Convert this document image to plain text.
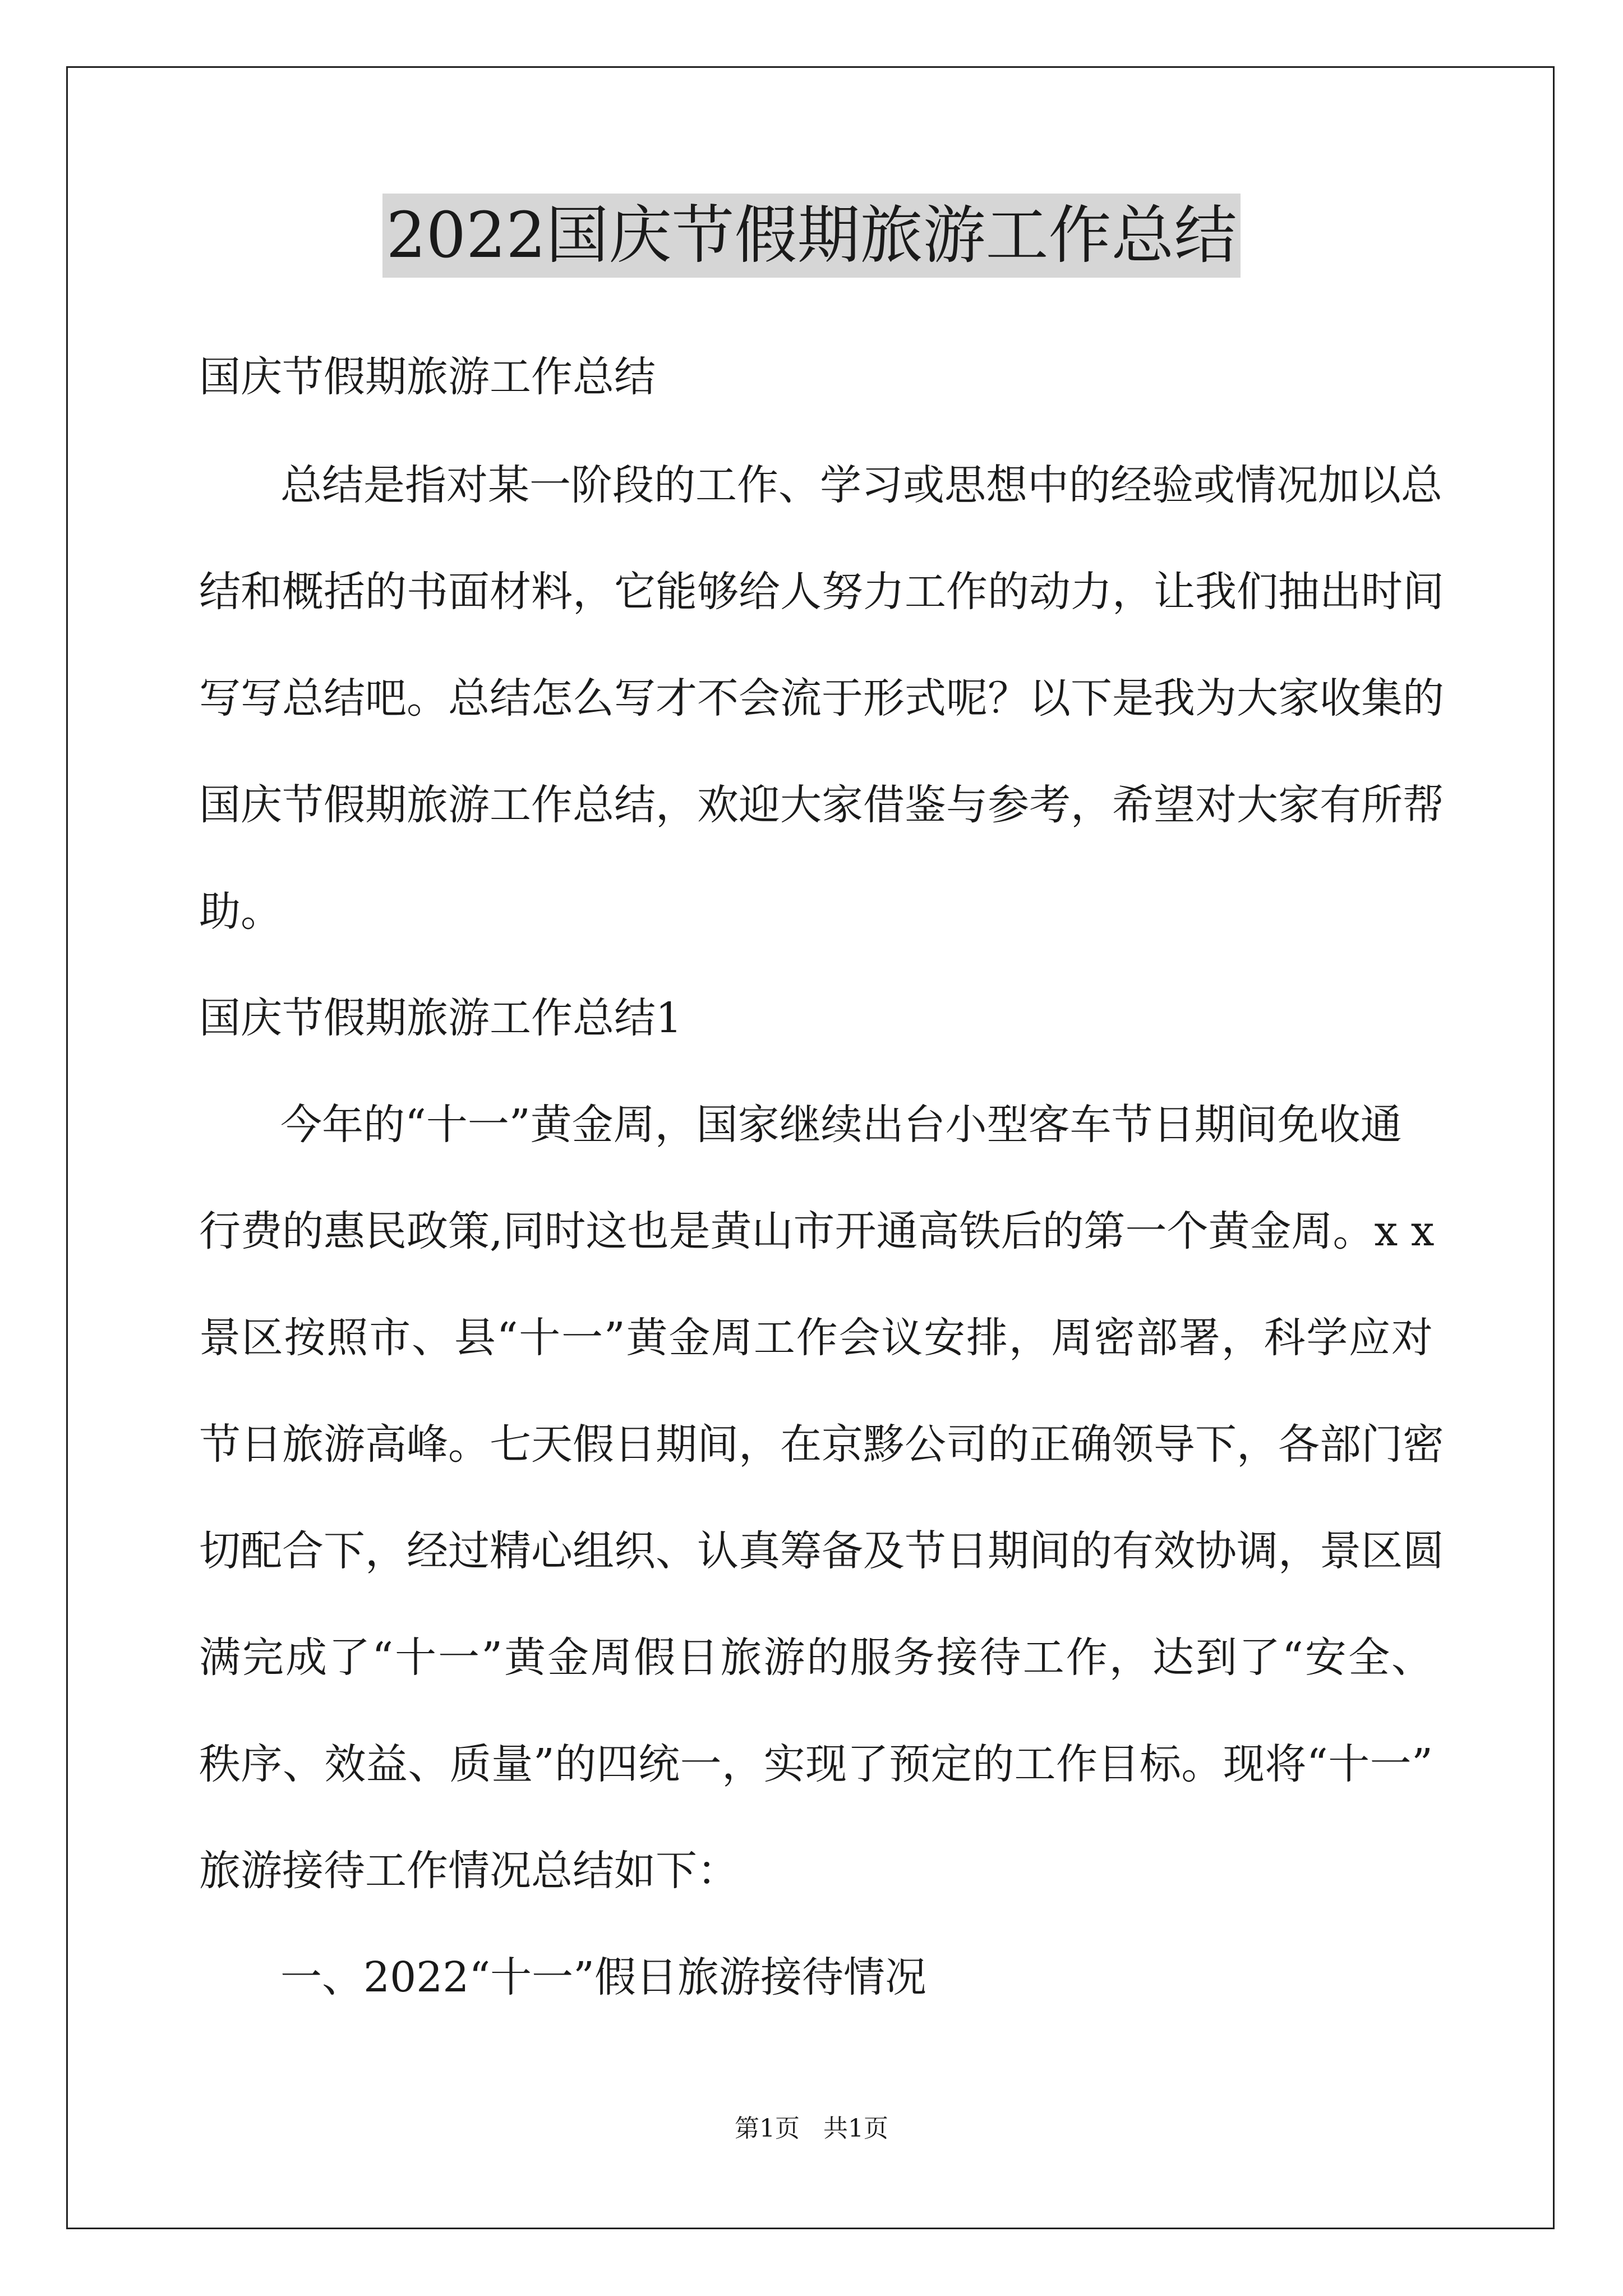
2022国庆节假期旅游工作总结
国庆节假期旅游工作总结
总结是指对某一阶段的工作、学习或思想中的经验或情况加以总
结和概括的书面材料，它能够给人努力工作的动力，让我们抽出时间
写写总结吧。总结怎么写才不会流于形式呢？以下是我为大家收集的
国庆节假期旅游工作总结，欢迎大家借鉴与参考，希望对大家有所帮
助。
国庆节假期旅游工作总结1
今年的“十一”黄金周，国家继续出台小型客车节日期间免收通
行费的惠民政策,同时这也是黄山市开通高铁后的第一个黄金周。x x
景区按照市、县“十一”黄金周工作会议安排，周密部署，科学应对
节日旅游高峰。七天假日期间，在京黟公司的正确领导下，各部门密
切配合下，经过精心组织、认真筹备及节日期间的有效协调，景区圆
满完成了“十一”黄金周假日旅游的服务接待工作，达到了“安全、
秩序、效益、质量”的四统一，实现了预定的工作目标。现将“十一”
旅游接待工作情况总结如下：
一、2022“十一”假日旅游接待情况
第1页   共1页
